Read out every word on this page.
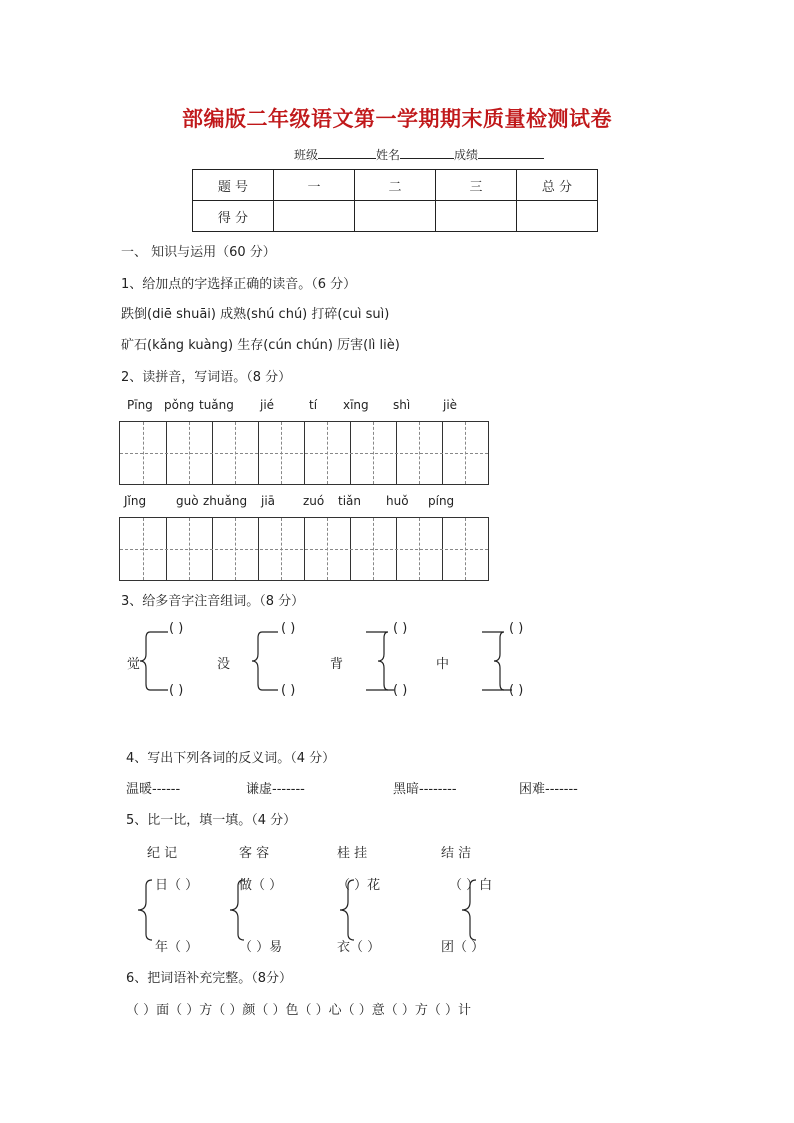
部编版二年级语文第一学期期末质量检测试卷
班级	姓名	成绩
题 号	一	二	三	总 分
得 分				
一、 知识与运用（60 分）
1、给加点的字选择正确的读音。（6 分）
跌倒(diē shuāi) 成熟(shú chú) 打碎(cuì suì)
矿石(kǎng kuàng) 生存(cún chún) 厉害(lì liè)
2、读拼音，写词语。（8 分）
Pīng pǒng tuǎng jié	tí xīng shì	jiè
Jǐng guò zhuǎng jiā zuó tiǎn huǒ píng
3、给多音字注音组词。（8 分）
觉	没	背	中
( )	( )	( )	( )
( )	( )	( )	( )
4、写出下列各词的反义词。（4 分）
温暖------	谦虚-------	黑暗--------	困难-------
5、比一比，填一填。（4 分）
纪 记	客 容	桂 挂	结 洁
日（ ）	做（ ）	（ ）花	（ ）白
年（ ）	（ ）易	衣（ ）	团（ ）
6、把词语补充完整。（8分）
（ ）面（ ）方（ ）颜（ ）色（ ）心（ ）意（ ）方（ ）计
